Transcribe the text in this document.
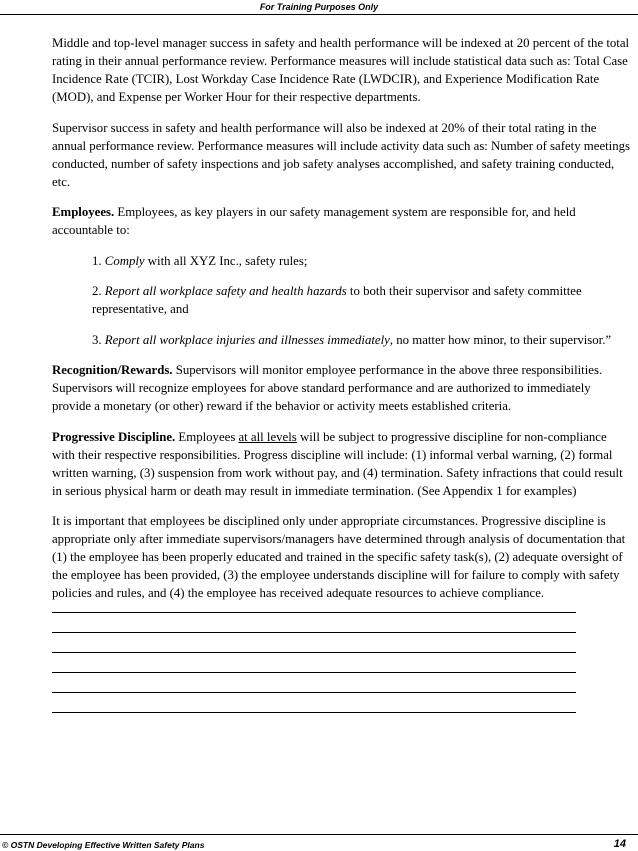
For Training Purposes Only

Middle and top-level manager success in safety and health performance will be indexed at 20 percent of the total rating in their annual performance review. Performance measures will include statistical data such as: Total Case Incidence Rate (TCIR), Lost Workday Case Incidence Rate (LWDCIR), and Experience Modification Rate (MOD), and Expense per Worker Hour for their respective departments.

Supervisor success in safety and health performance will also be indexed at 20% of their total rating in the annual performance review. Performance measures will include activity data such as: Number of safety meetings conducted, number of safety inspections and job safety analyses accomplished, and safety training conducted, etc.

Employees. Employees, as key players in our safety management system are responsible for, and held accountable to:

1. Comply with all XYZ Inc., safety rules;

2. Report all workplace safety and health hazards to both their supervisor and safety committee representative, and

3. Report all workplace injuries and illnesses immediately, no matter how minor, to their supervisor.”

Recognition/Rewards. Supervisors will monitor employee performance in the above three responsibilities. Supervisors will recognize employees for above standard performance and are authorized to immediately provide a monetary (or other) reward if the behavior or activity meets established criteria.

Progressive Discipline. Employees at all levels will be subject to progressive discipline for non-compliance with their respective responsibilities. Progress discipline will include: (1) informal verbal warning, (2) formal written warning, (3) suspension from work without pay, and (4) termination. Safety infractions that could result in serious physical harm or death may result in immediate termination. (See Appendix 1 for examples)

It is important that employees be disciplined only under appropriate circumstances. Progressive discipline is appropriate only after immediate supervisors/managers have determined through analysis of documentation that (1) the employee has been properly educated and trained in the specific safety task(s), (2) adequate oversight of the employee has been provided, (3) the employee understands discipline will for failure to comply with safety policies and rules, and (4) the employee has received adequate resources to achieve compliance.

© OSTN Developing Effective Written Safety Plans	14
